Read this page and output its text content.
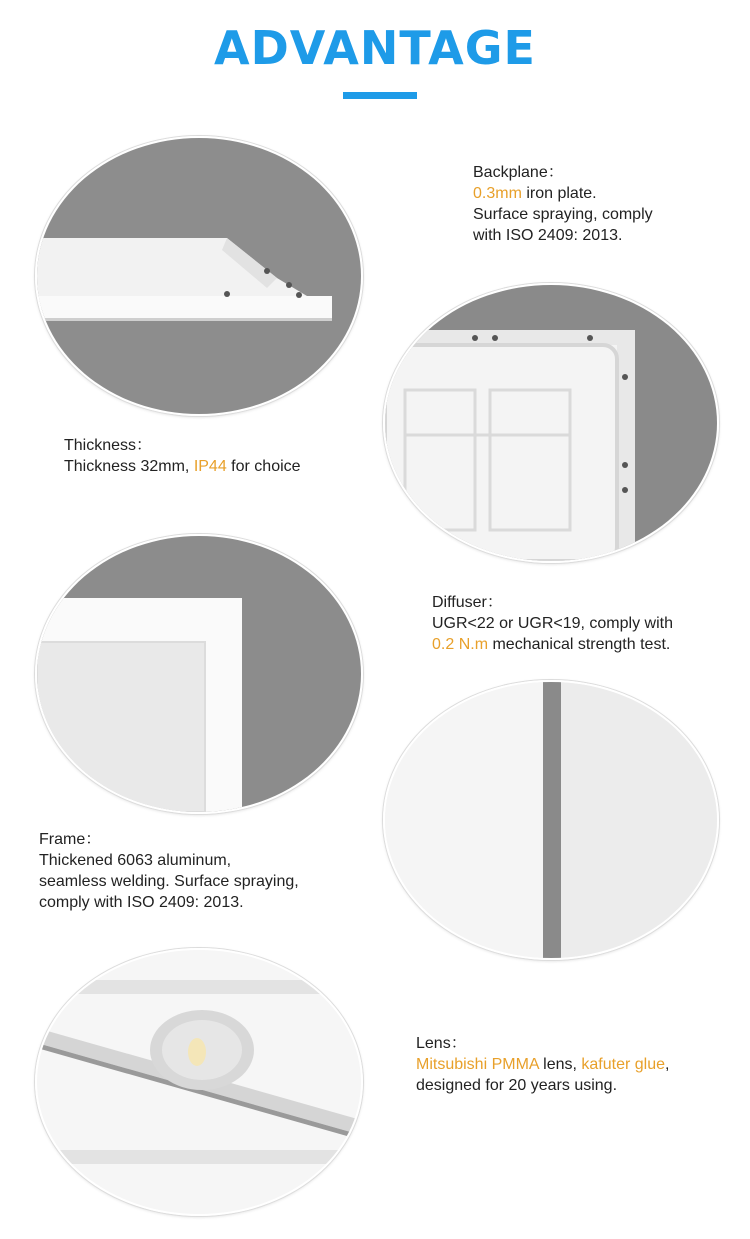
ADVANTAGE
Backplane：
0.3mm iron plate.
Surface spraying, comply
with ISO 2409: 2013.
Thickness：
Thickness 32mm, IP44 for choice
Diffuser：
UGR<22 or UGR<19, comply with
0.2 N.m mechanical strength test.
Frame：
Thickened 6063 aluminum,
seamless welding. Surface spraying,
comply with ISO 2409: 2013.
Lens：
Mitsubishi PMMA lens, kafuter glue,
designed for 20 years using.
